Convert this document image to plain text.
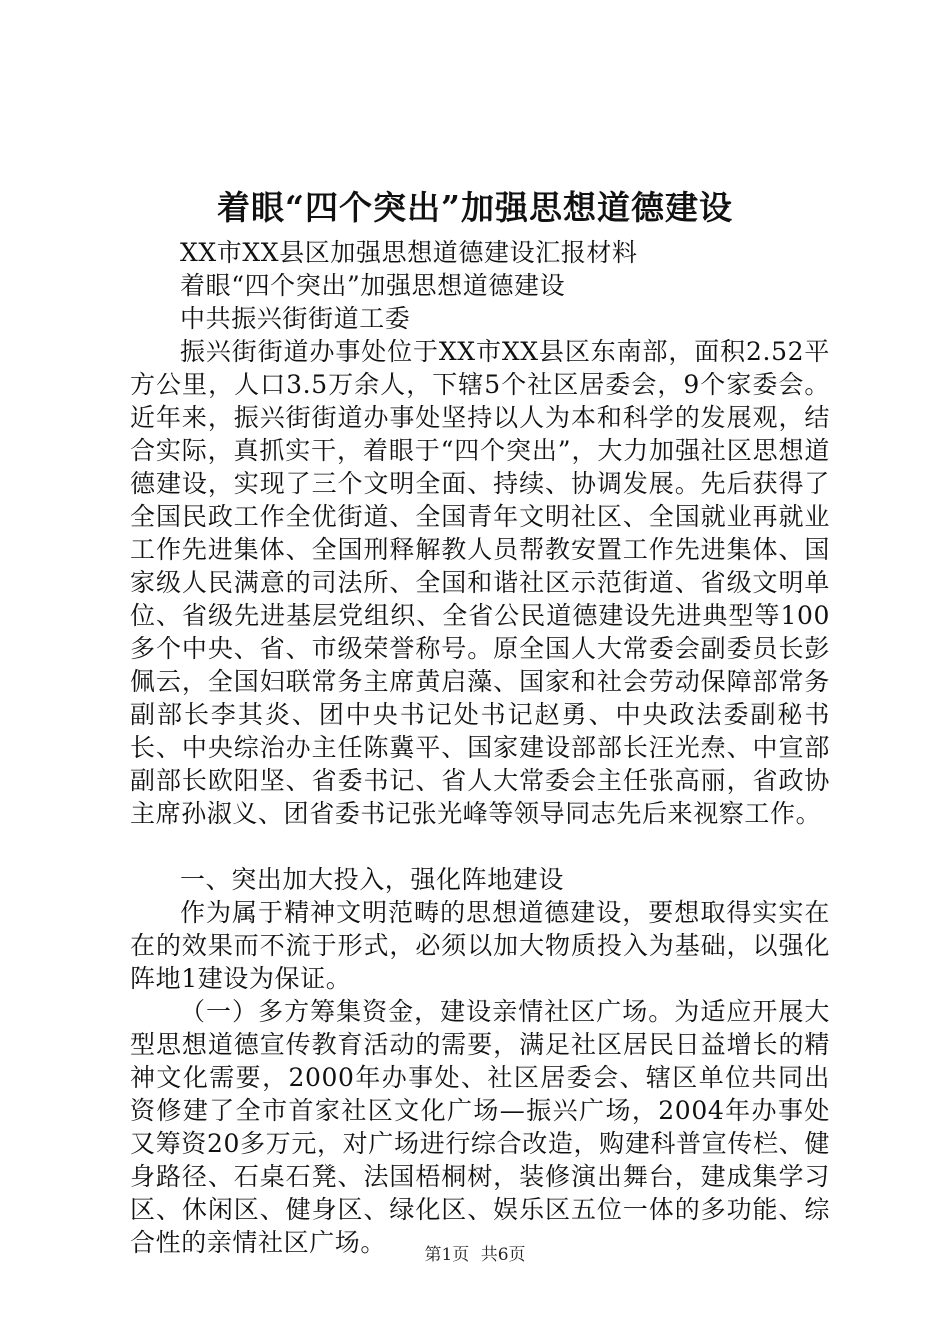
着眼“四个突出”加强思想道德建设

XX市XX县区加强思想道德建设汇报材料

着眼“四个突出”加强思想道德建设

中共振兴街街道工委

振兴街街道办事处位于XX市XX县区东南部，面积2.52平方公里，人口3.5万余人，下辖5个社区居委会，9个家委会。近年来，振兴街街道办事处坚持以人为本和科学的发展观，结合实际，真抓实干，着眼于“四个突出”，大力加强社区思想道德建设，实现了三个文明全面、持续、协调发展。先后获得了全国民政工作全优街道、全国青年文明社区、全国就业再就业工作先进集体、全国刑释解教人员帮教安置工作先进集体、国家级人民满意的司法所、全国和谐社区示范街道、省级文明单位、省级先进基层党组织、全省公民道德建设先进典型等100多个中央、省、市级荣誉称号。原全国人大常委会副委员长彭佩云，全国妇联常务主席黄启藻、国家和社会劳动保障部常务副部长李其炎、团中央书记处书记赵勇、中央政法委副秘书长、中央综治办主任陈冀平、国家建设部部长汪光焘、中宣部副部长欧阳坚、省委书记、省人大常委会主任张高丽，省政协主席孙淑义、团省委书记张光峰等领导同志先后来视察工作。

一、突出加大投入，强化阵地建设

作为属于精神文明范畴的思想道德建设，要想取得实实在在的效果而不流于形式，必须以加大物质投入为基础，以强化阵地1建设为保证。

（一）多方筹集资金，建设亲情社区广场。为适应开展大型思想道德宣传教育活动的需要，满足社区居民日益增长的精神文化需要，2000年办事处、社区居委会、辖区单位共同出资修建了全市首家社区文化广场—振兴广场，2004年办事处又筹资20多万元，对广场进行综合改造，购建科普宣传栏、健身路径、石桌石凳、法国梧桐树，装修演出舞台，建成集学习区、休闲区、健身区、绿化区、娱乐区五位一体的多功能、综合性的亲情社区广场。	第1页 共6页
